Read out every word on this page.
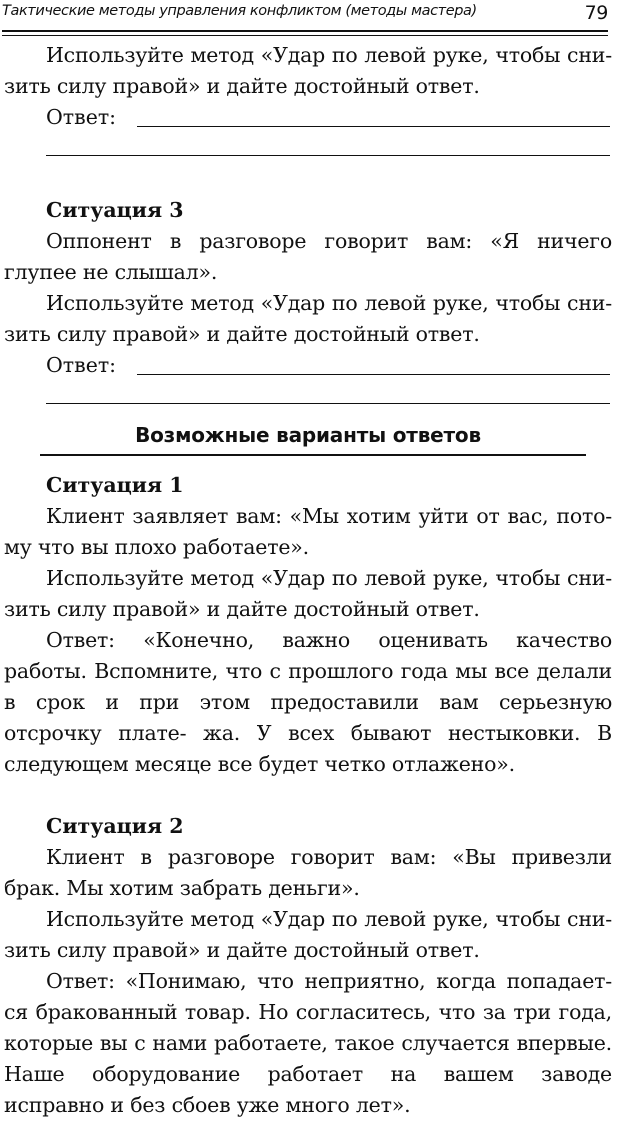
Тактические методы управления конфликтом (методы мастера)	79

Используйте метод «Удар по левой руке, чтобы сни- зить силу правой» и дайте достойный ответ.

Ответ:
Ситуация 3

Оппонент в разговоре говорит вам: «Я ничего глупее не слышал».

Используйте метод «Удар по левой руке, чтобы сни- зить силу правой» и дайте достойный ответ.

Ответ:
Возможные варианты ответов
Ситуация 1

Клиент заявляет вам: «Мы хотим уйти от вас, пото- му что вы плохо работаете».

Используйте метод «Удар по левой руке, чтобы сни- зить силу правой» и дайте достойный ответ.

Ответ: «Конечно, важно оценивать качество работы. Вспомните, что с прошлого года мы все делали в срок и при этом предоставили вам серьезную отсрочку плате- жа. У всех бывают нестыковки. В следующем месяце все будет четко отлажено».

Ситуация 2

Клиент в разговоре говорит вам: «Вы привезли брак. Мы хотим забрать деньги».

Используйте метод «Удар по левой руке, чтобы сни- зить силу правой» и дайте достойный ответ.

Ответ: «Понимаю, что неприятно, когда попадает- ся бракованный товар. Но согласитесь, что за три года, которые вы с нами работаете, такое случается впервые. Наше оборудование работает на вашем заводе исправно и без сбоев уже много лет».
